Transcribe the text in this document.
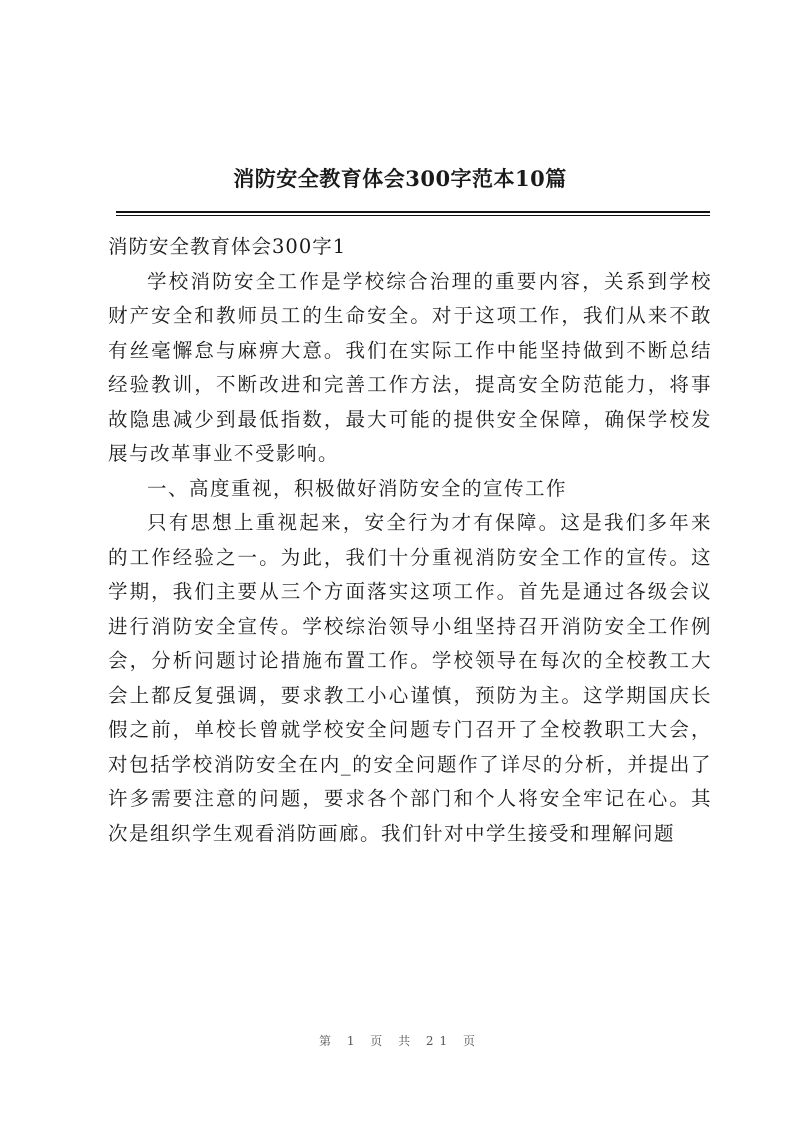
消防安全教育体会300字范本10篇

消防安全教育体会300字1

学校消防安全工作是学校综合治理的重要内容，关系到学校财产安全和教师员工的生命安全。对于这项工作，我们从来不敢有丝毫懈怠与麻痹大意。我们在实际工作中能坚持做到不断总结经验教训，不断改进和完善工作方法，提高安全防范能力，将事故隐患减少到最低指数，最大可能的提供安全保障，确保学校发展与改革事业不受影响。

一、高度重视，积极做好消防安全的宣传工作

只有思想上重视起来，安全行为才有保障。这是我们多年来的工作经验之一。为此，我们十分重视消防安全工作的宣传。这学期，我们主要从三个方面落实这项工作。首先是通过各级会议进行消防安全宣传。学校综治领导小组坚持召开消防安全工作例会，分析问题讨论措施布置工作。学校领导在每次的全校教工大会上都反复强调，要求教工小心谨慎，预防为主。这学期国庆长假之前，单校长曾就学校安全问题专门召开了全校教职工大会，对包括学校消防安全在内_的安全问题作了详尽的分析，并提出了许多需要注意的问题，要求各个部门和个人将安全牢记在心。其次是组织学生观看消防画廊。我们针对中学生接受和理解问题

第 1 页 共 21 页
